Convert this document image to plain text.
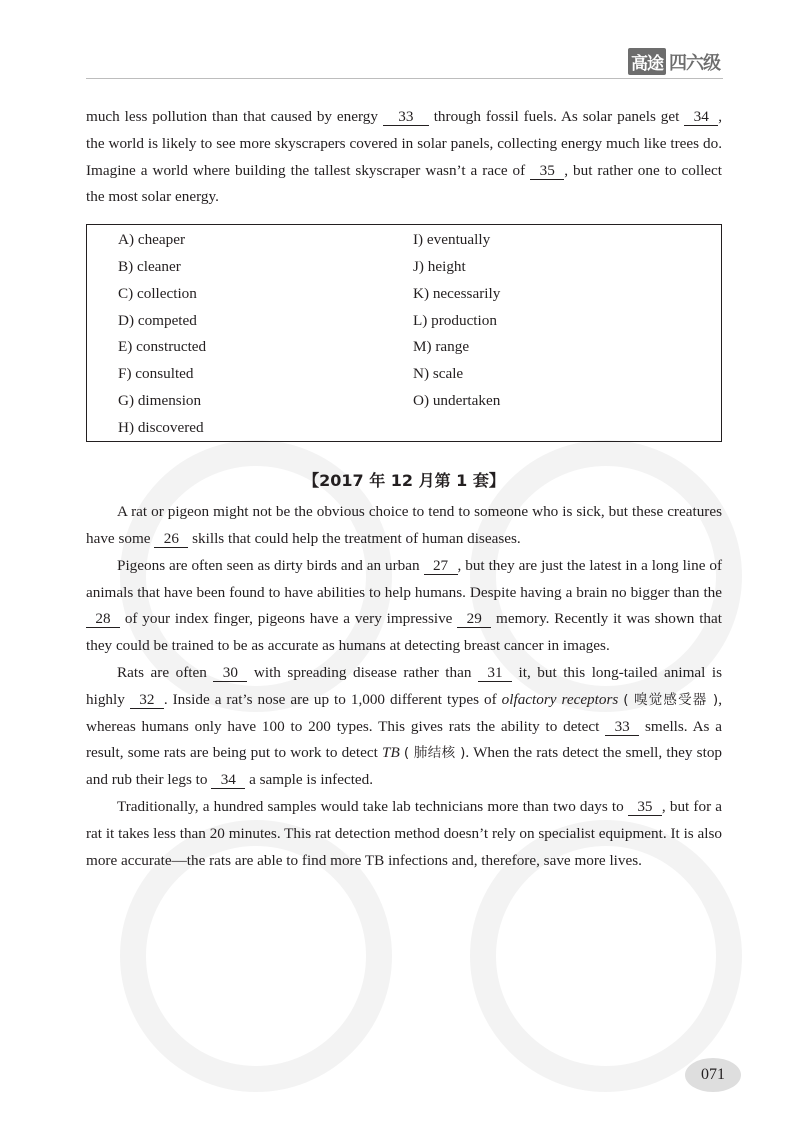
高途 四六级

much less pollution than that caused by energy 33 through fossil fuels. As solar panels get 34 , the world is likely to see more skyscrapers covered in solar panels, collecting energy much like trees do. Imagine a world where building the tallest skyscraper wasn’t a race of 35 , but rather one to collect the most solar energy.

A) cheaper
B) cleaner
C) collection
D) competed
E) constructed
F) consulted
G) dimension
H) discovered
I) eventually
J) height
K) necessarily
L) production
M) range
N) scale
O) undertaken
【2017 年 12 月第 1 套】

A rat or pigeon might not be the obvious choice to tend to someone who is sick, but these creatures have some 26 skills that could help the treatment of human diseases.

Pigeons are often seen as dirty birds and an urban 27 , but they are just the latest in a long line of animals that have been found to have abilities to help humans. Despite having a brain no bigger than the 28 of your index finger, pigeons have a very impressive 29 memory. Recently it was shown that they could be trained to be as accurate as humans at detecting breast cancer in images.

Rats are often 30 with spreading disease rather than 31 it, but this long-tailed animal is highly 32 . Inside a rat’s nose are up to 1,000 different types of olfactory receptors ( 嗅觉感受器 ), whereas humans only have 100 to 200 types. This gives rats the ability to detect 33 smells. As a result, some rats are being put to work to detect TB ( 肺结核 ). When the rats detect the smell, they stop and rub their legs to 34 a sample is infected.

Traditionally, a hundred samples would take lab technicians more than two days to 35 , but for a rat it takes less than 20 minutes. This rat detection method doesn’t rely on specialist equipment. It is also more accurate—the rats are able to find more TB infections and, therefore, save more lives.

071
